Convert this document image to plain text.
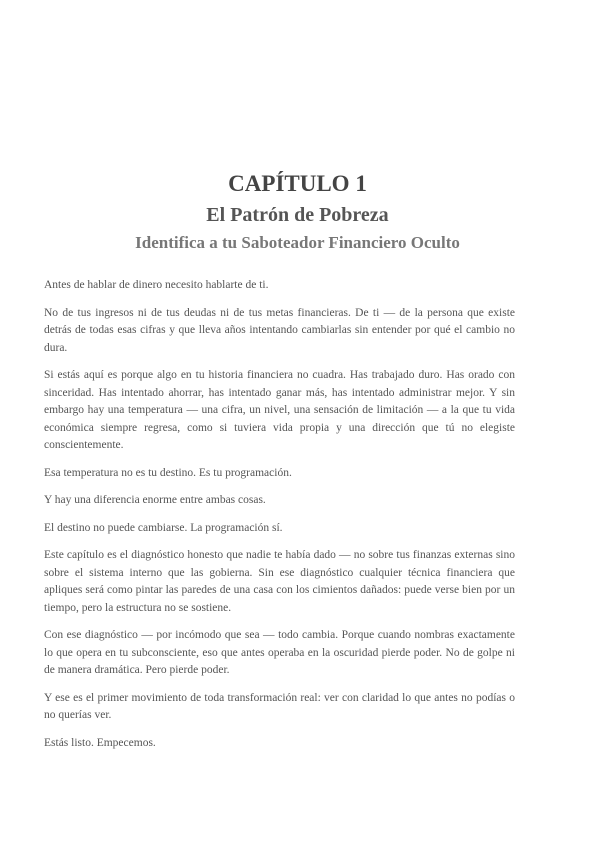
CAPÍTULO 1
El Patrón de Pobreza
Identifica a tu Saboteador Financiero Oculto

Antes de hablar de dinero necesito hablarte de ti.

No de tus ingresos ni de tus deudas ni de tus metas financieras. De ti — de la persona que existe detrás de todas esas cifras y que lleva años intentando cambiarlas sin entender por qué el cambio no dura.

Si estás aquí es porque algo en tu historia financiera no cuadra. Has trabajado duro. Has orado con sinceridad. Has intentado ahorrar, has intentado ganar más, has intentado administrar mejor. Y sin embargo hay una temperatura — una cifra, un nivel, una sensación de limitación — a la que tu vida económica siempre regresa, como si tuviera vida propia y una dirección que tú no elegiste conscientemente.

Esa temperatura no es tu destino. Es tu programación.

Y hay una diferencia enorme entre ambas cosas.

El destino no puede cambiarse. La programación sí.

Este capítulo es el diagnóstico honesto que nadie te había dado — no sobre tus finanzas externas sino sobre el sistema interno que las gobierna. Sin ese diagnóstico cualquier técnica financiera que apliques será como pintar las paredes de una casa con los cimientos dañados: puede verse bien por un tiempo, pero la estructura no se sostiene.

Con ese diagnóstico — por incómodo que sea — todo cambia. Porque cuando nombras exactamente lo que opera en tu subconsciente, eso que antes operaba en la oscuridad pierde poder. No de golpe ni de manera dramática. Pero pierde poder.

Y ese es el primer movimiento de toda transformación real: ver con claridad lo que antes no podías o no querías ver.

Estás listo. Empecemos.
